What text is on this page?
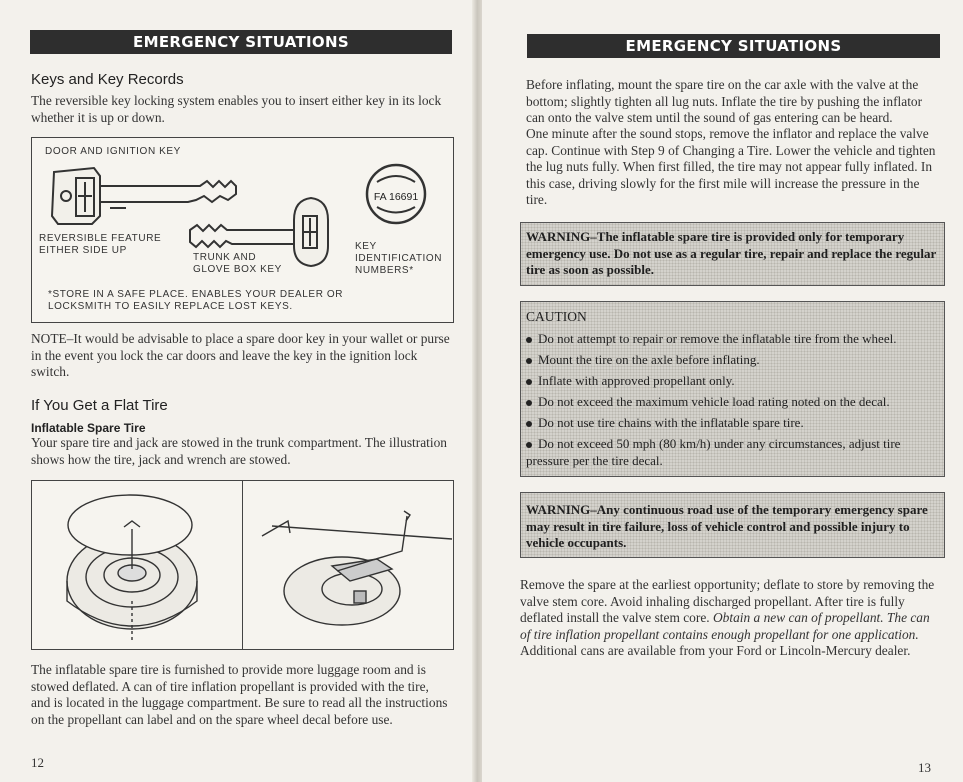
EMERGENCY SITUATIONS
Keys and Key Records
The reversible key locking system enables you to insert either key in its lock whether it is up or down.
DOOR AND IGNITION KEY
FA 16691
REVERSIBLE FEATURE
EITHER SIDE UP
TRUNK AND
GLOVE BOX KEY
KEY
IDENTIFICATION
NUMBERS*
*STORE IN A SAFE PLACE. ENABLES YOUR DEALER OR
LOCKSMITH TO EASILY REPLACE LOST KEYS.
NOTE–It would be advisable to place a spare door key in your wallet or purse in the event you lock the car doors and leave the key in the ignition lock switch.
If You Get a Flat Tire
Inflatable Spare Tire
Your spare tire and jack are stowed in the trunk compartment. The illustration shows how the tire, jack and wrench are stowed.
The inflatable spare tire is furnished to provide more luggage room and is stowed deflated. A can of tire inflation propellant is provided with the tire, and is located in the luggage compartment. Be sure to read all the instructions on the propellant can label and on the spare wheel decal before use.
12
EMERGENCY SITUATIONS
Before inflating, mount the spare tire on the car axle with the valve at the bottom; slightly tighten all lug nuts. Inflate the tire by pushing the inflator can onto the valve stem until the sound of gas entering can be heard.
One minute after the sound stops, remove the inflator and replace the valve cap. Continue with Step 9 of Changing a Tire. Lower the vehicle and tighten the lug nuts fully. When first filled, the tire may not appear fully inflated. In this case, driving slowly for the first mile will increase the pressure in the tire.
WARNING–The inflatable spare tire is provided only for temporary emergency use. Do not use as a regular tire, repair and replace the regular tire as soon as possible.
CAUTION
Do not attempt to repair or remove the inflatable tire from the wheel.
Mount the tire on the axle before inflating.
Inflate with approved propellant only.
Do not exceed the maximum vehicle load rating noted on the decal.
Do not use tire chains with the inflatable spare tire.
Do not exceed 50 mph (80 km/h) under any circumstances, adjust tire pressure per the tire decal.
WARNING–Any continuous road use of the temporary emergency spare may result in tire failure, loss of vehicle control and possible injury to vehicle occupants.
Remove the spare at the earliest opportunity; deflate to store by removing the valve stem core. Avoid inhaling discharged propellant. After tire is fully deflated install the valve stem core. Obtain a new can of propellant. The can of tire inflation propellant contains enough propellant for one application. Additional cans are available from your Ford or Lincoln-Mercury dealer.
13
